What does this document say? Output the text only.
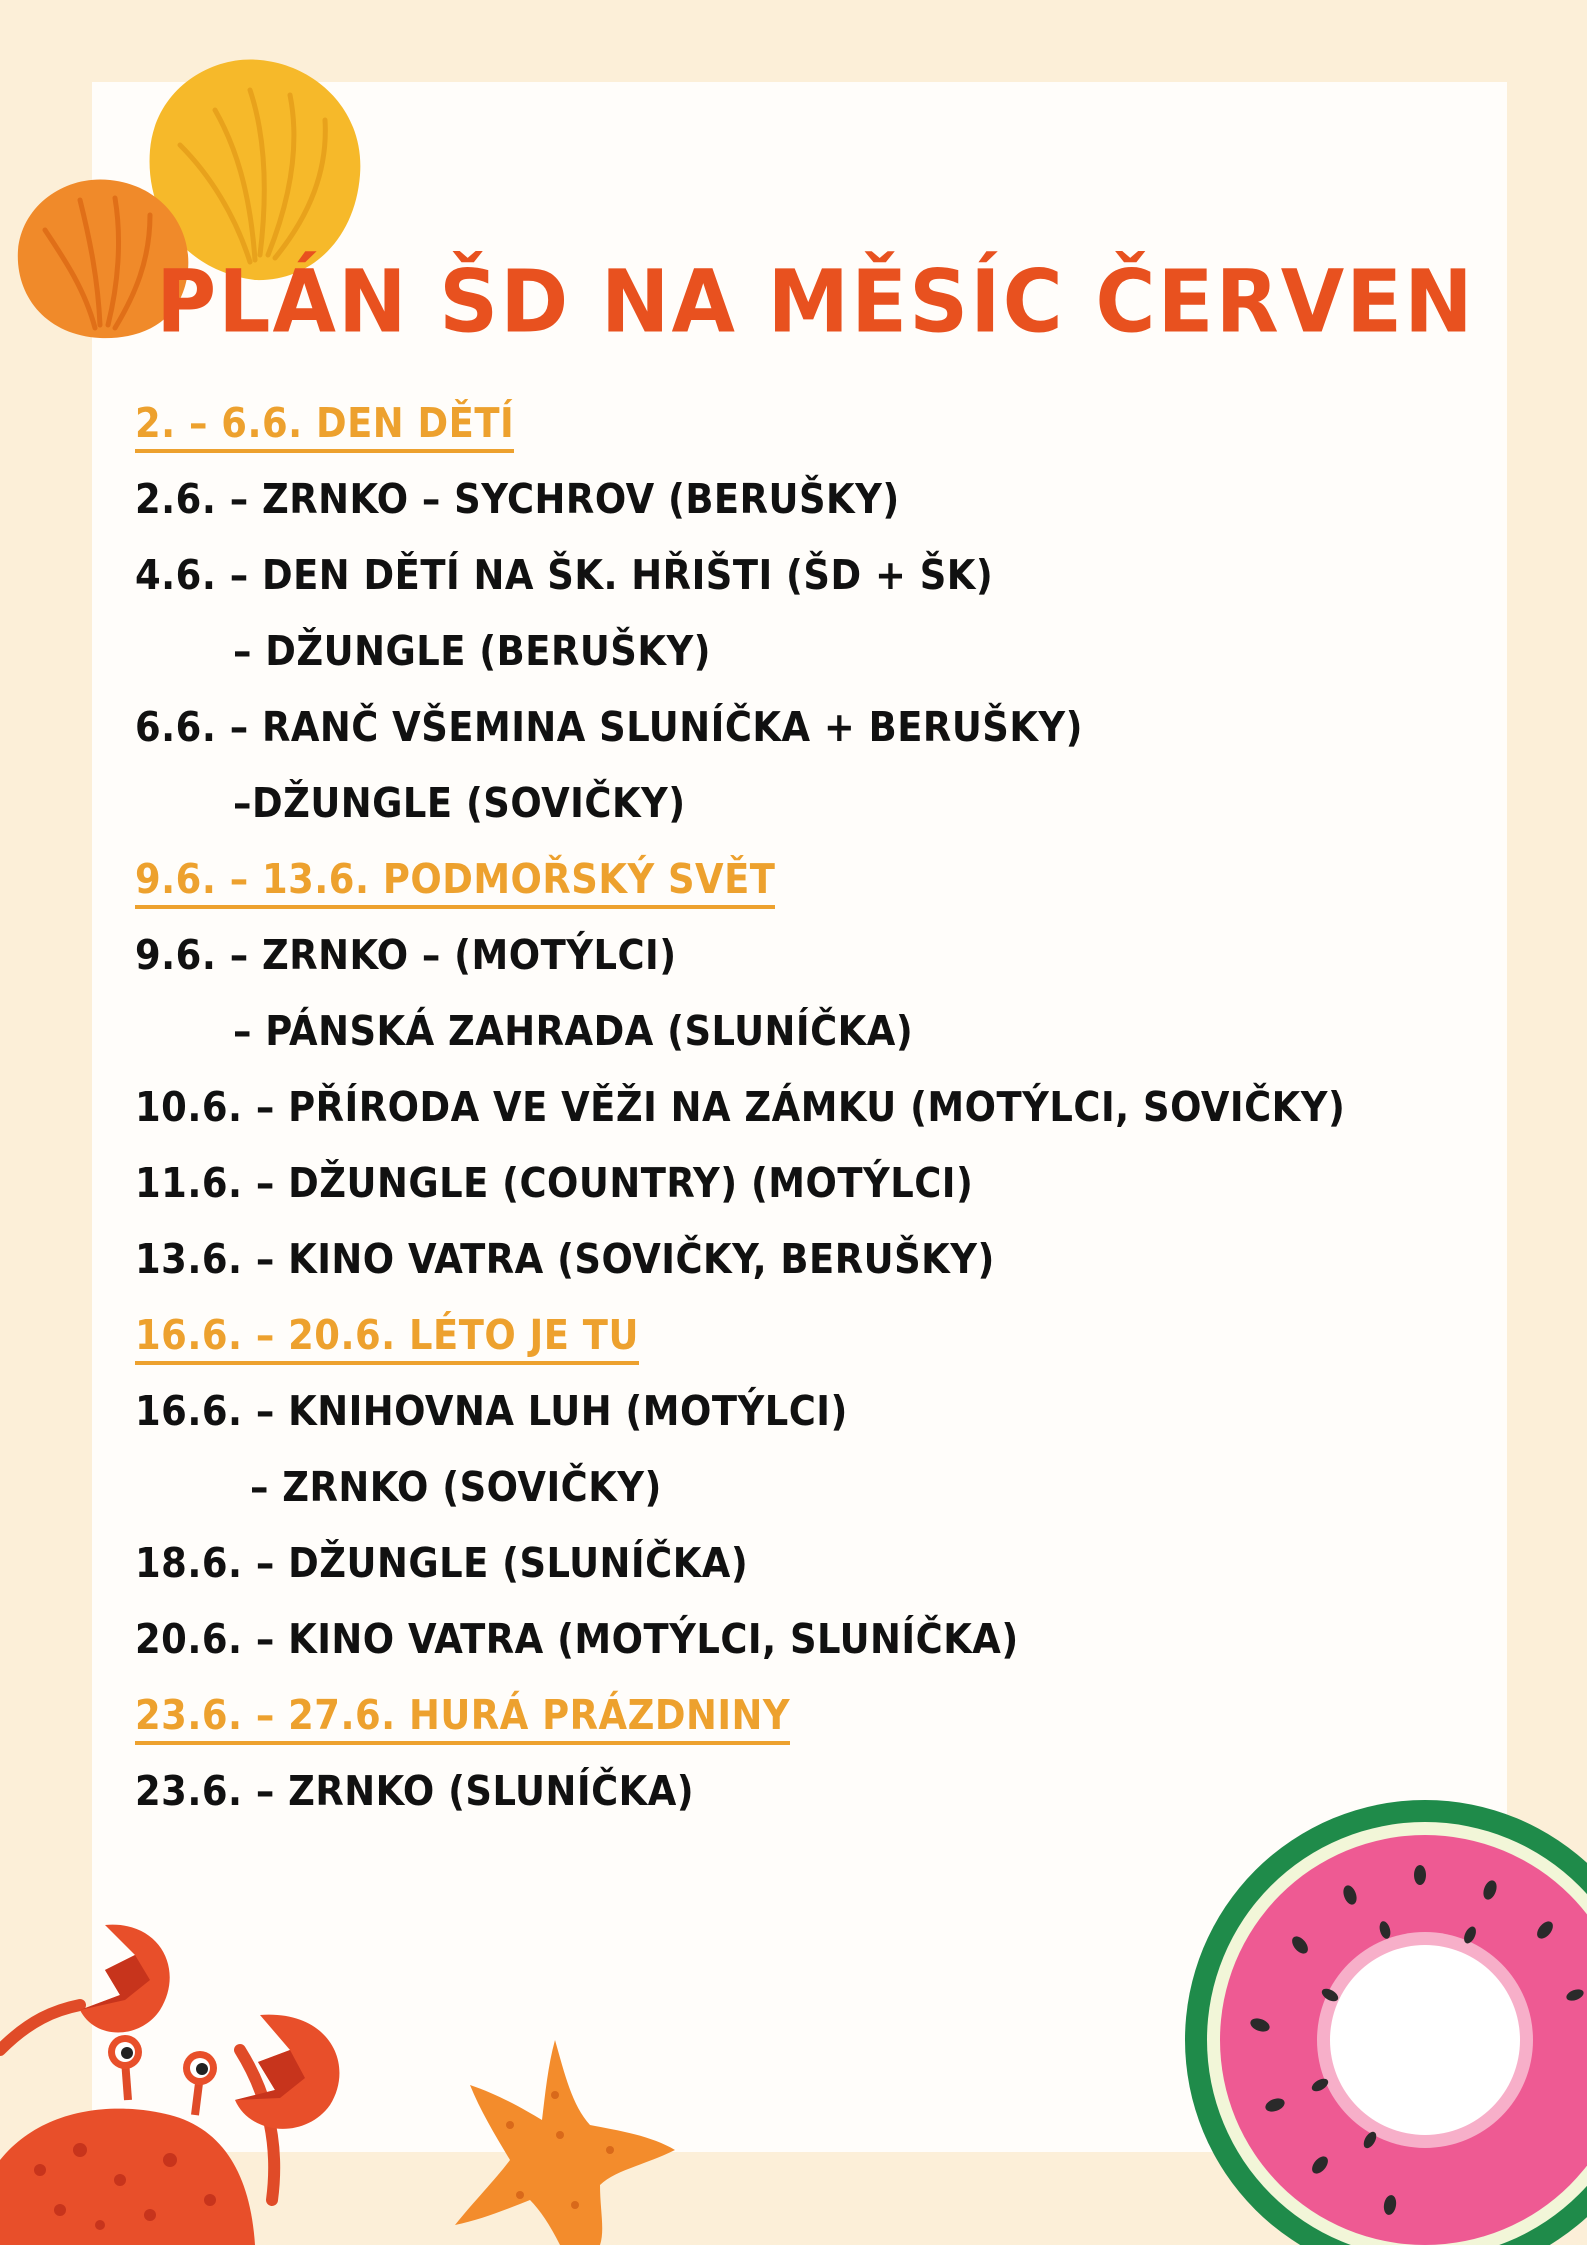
PLÁN ŠD NA MĚSÍC ČERVEN
2. – 6.6. DEN DĚTÍ
2.6. – ZRNKO – SYCHROV (BERUŠKY)
4.6. – DEN DĚTÍ NA ŠK. HŘIŠTI (ŠD + ŠK)
– DŽUNGLE (BERUŠKY)
6.6. – RANČ VŠEMINA SLUNÍČKA + BERUŠKY)
–DŽUNGLE (SOVIČKY)
9.6. – 13.6. PODMOŘSKÝ SVĚT
9.6. – ZRNKO – (MOTÝLCI)
– PÁNSKÁ ZAHRADA (SLUNÍČKA)
10.6. – PŘÍRODA VE VĚŽI NA ZÁMKU (MOTÝLCI, SOVIČKY)
11.6. – DŽUNGLE (COUNTRY) (MOTÝLCI)
13.6. – KINO VATRA (SOVIČKY, BERUŠKY)
16.6. – 20.6. LÉTO JE TU
16.6. – KNIHOVNA LUH (MOTÝLCI)
– ZRNKO (SOVIČKY)
18.6. – DŽUNGLE (SLUNÍČKA)
20.6. – KINO VATRA (MOTÝLCI, SLUNÍČKA)
23.6. – 27.6. HURÁ PRÁZDNINY
23.6. – ZRNKO (SLUNÍČKA)
